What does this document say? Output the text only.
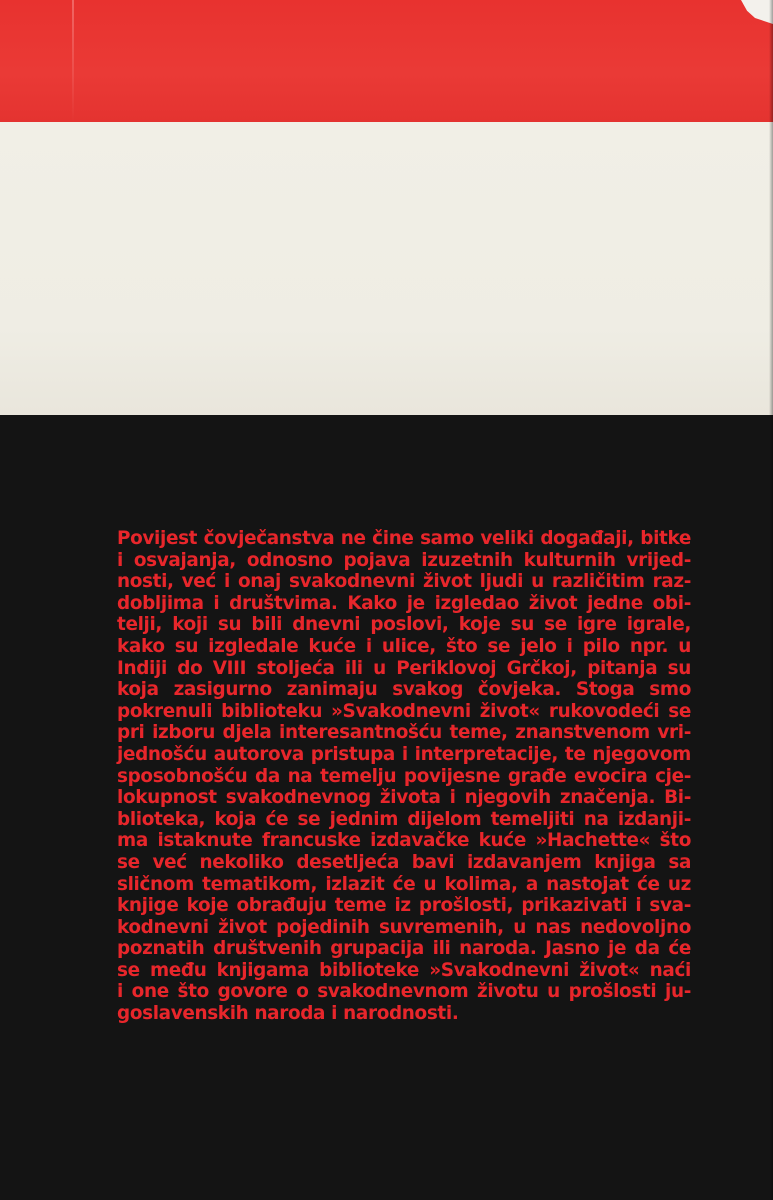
Povijest čovječanstva ne čine samo veliki događaji, bitke
i osvajanja, odnosno pojava izuzetnih kulturnih vrijed-
nosti, već i onaj svakodnevni život ljudi u različitim raz-
dobljima i društvima. Kako je izgledao život jedne obi-
telji, koji su bili dnevni poslovi, koje su se igre igrale,
kako su izgledale kuće i ulice, što se jelo i pilo npr. u
Indiji do VIII stoljeća ili u Periklovoj Grčkoj, pitanja su
koja zasigurno zanimaju svakog čovjeka. Stoga smo
pokrenuli biblioteku »Svakodnevni život« rukovodeći se
pri izboru djela interesantnošću teme, znanstvenom vri-
jednošću autorova pristupa i interpretacije, te njegovom
sposobnošću da na temelju povijesne građe evocira cje-
lokupnost svakodnevnog života i njegovih značenja. Bi-
blioteka, koja će se jednim dijelom temeljiti na izdanji-
ma istaknute francuske izdavačke kuće »Hachette« što
se već nekoliko desetljeća bavi izdavanjem knjiga sa
sličnom tematikom, izlazit će u kolima, a nastojat će uz
knjige koje obrađuju teme iz prošlosti, prikazivati i sva-
kodnevni život pojedinih suvremenih, u nas nedovoljno
poznatih društvenih grupacija ili naroda. Jasno je da će
se među knjigama biblioteke »Svakodnevni život« naći
i one što govore o svakodnevnom životu u prošlosti ju-
goslavenskih naroda i narodnosti.
